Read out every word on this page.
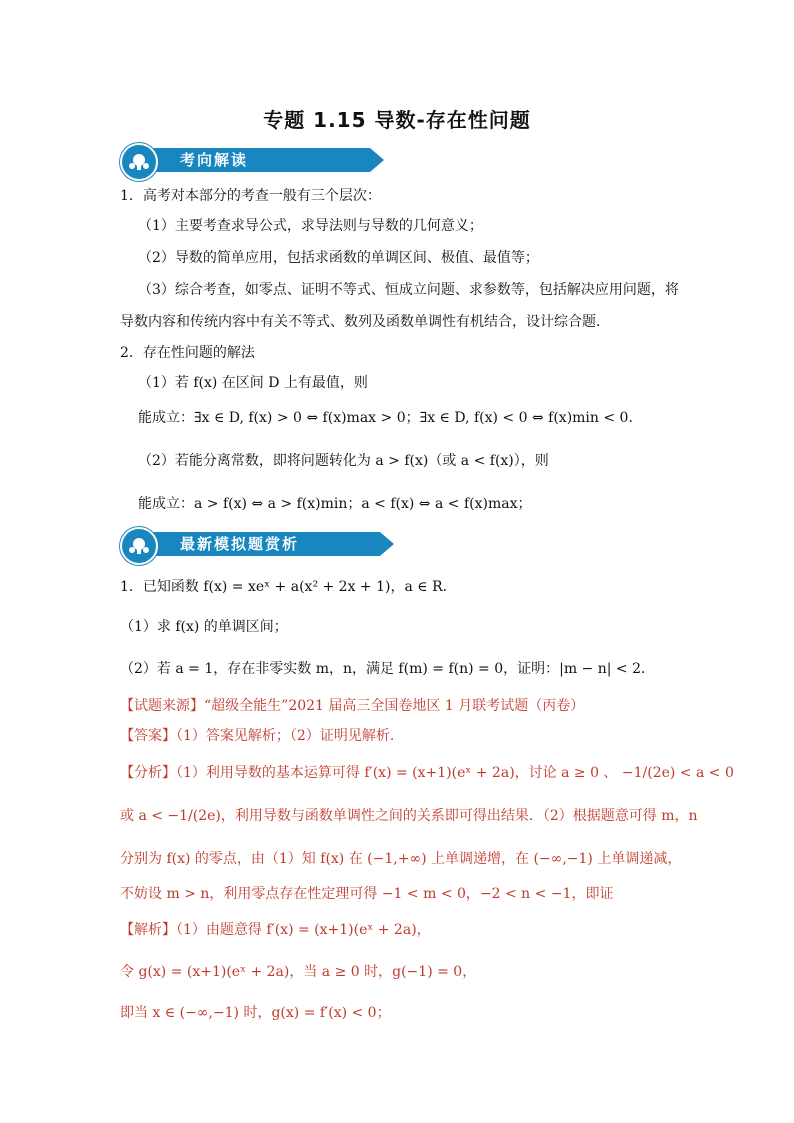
专题 1.15 导数-存在性问题
考向解读
1．高考对本部分的考查一般有三个层次：
（1）主要考查求导公式，求导法则与导数的几何意义；
（2）导数的简单应用，包括求函数的单调区间、极值、最值等；
（3）综合考查，如零点、证明不等式、恒成立问题、求参数等，包括解决应用问题，将
导数内容和传统内容中有关不等式、数列及函数单调性有机结合，设计综合题．
2．存在性问题的解法
（1）若 f(x) 在区间 D 上有最值，则
能成立：∃x ∈ D, f(x) > 0 ⇔ f(x)max > 0；∃x ∈ D, f(x) < 0 ⇔ f(x)min < 0．
（2）若能分离常数，即将问题转化为 a > f(x)（或 a < f(x)），则
能成立：a > f(x) ⇔ a > f(x)min；a < f(x) ⇔ a < f(x)max；
最新模拟题赏析
1．已知函数 f(x) = xeˣ + a(x² + 2x + 1)，a ∈ R．
（1）求 f(x) 的单调区间；
（2）若 a = 1，存在非零实数 m，n，满足 f(m) = f(n) = 0，证明：|m − n| < 2．
【试题来源】“超级全能生”2021 届高三全国卷地区 1 月联考试题（丙卷）
【答案】（1）答案见解析；（2）证明见解析．
【分析】（1）利用导数的基本运算可得 f′(x) = (x+1)(eˣ + 2a)，讨论 a ≥ 0 、 −1/(2e) < a < 0
或 a < −1/(2e)，利用导数与函数单调性之间的关系即可得出结果．（2）根据题意可得 m，n
分别为 f(x) 的零点，由（1）知 f(x) 在 (−1,+∞) 上单调递增，在 (−∞,−1) 上单调递减，
不妨设 m > n，利用零点存在性定理可得 −1 < m < 0，−2 < n < −1，即证
【解析】（1）由题意得 f′(x) = (x+1)(eˣ + 2a)，
令 g(x) = (x+1)(eˣ + 2a)，当 a ≥ 0 时，g(−1) = 0，
即当 x ∈ (−∞,−1) 时，g(x) = f′(x) < 0；
